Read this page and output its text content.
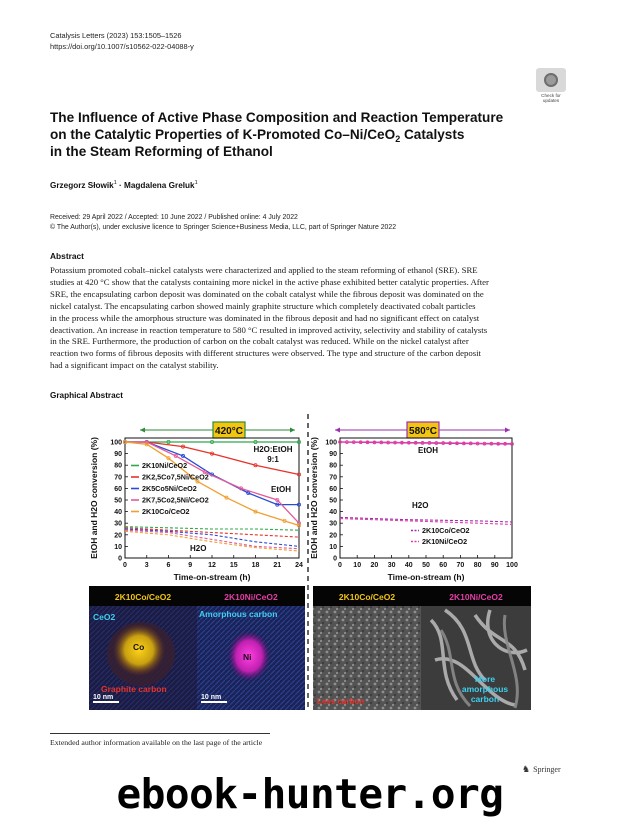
Catalysis Letters (2023) 153:1505–1526
https://doi.org/10.1007/s10562-022-04088-y
Check for
updates
The Influence of Active Phase Composition and Reaction Temperature
on the Catalytic Properties of K-Promoted Co–Ni/CeO$_2$ Catalysts
in the Steam Reforming of Ethanol
Grzegorz Słowik$^1$ · Magdalena Greluk$^1$
Received: 29 April 2022 / Accepted: 10 June 2022 / Published online: 4 July 2022
© The Author(s), under exclusive licence to Springer Science+Business Media, LLC, part of Springer Nature 2022
Abstract
Potassium promoted cobalt–nickel catalysts were characterized and applied to the steam reforming of ethanol (SRE). SRE
studies at 420 °C show that the catalysts containing more nickel in the active phase exhibited better catalytic properties. After
SRE, the encapsulating carbon deposit was dominated on the cobalt catalyst while the fibrous deposit was dominated on the
nickel catalyst. The encapsulating carbon showed mainly graphite structure which completely deactivated cobalt particles
in the process while the amorphous structure was dominated in the fibrous deposit and had no significant effect on catalyst
deactivation. An increase in reaction temperature to 580 °C resulted in improved activity, selectivity and stability of catalysts
in the SRE. Furthermore, the production of carbon on the cobalt catalyst was reduced. While on the nickel catalyst after
reaction two forms of fibrous deposits with different structures were observed. The type and structure of the carbon deposit
had a significant impact on the catalyst stability.
Graphical Abstract
420°C
100
90
80
70
60
50
40
30
20
10
0
0	3	6	9 12 15 18 21 24
H2O:EtOH
9:1
EtOH
H2O
2K10Ni/CeO2
2K2,5Co7,5Ni/CeO2
2K5Co5Ni/CeO2
2K7,5Co2,5Ni/CeO2
2K10Co/CeO2
Time-on-stream (h)
EtOH and H2O conversion (%)
580°C
100
90
80
70
60
50
40
30
20
10
0
0 10 20 30 40 50 60 70 80 90 100
EtOH
H2O
2K10Co/CeO2
2K10Ni/CeO2
Time-on-stream (h)
EtOH and H2O conversion (%)
2K10Co/CeO2
CeO2
Co
Graphite carbon
10 nm
2K10Ni/CeO2
Amorphous carbon
Ni
10 nm
2K10Co/CeO2
Less carbon
2K10Ni/CeO2
More
amorphous
carbon
Extended author information available on the last page of the article
♞ Springer
ebook-hunter.org
